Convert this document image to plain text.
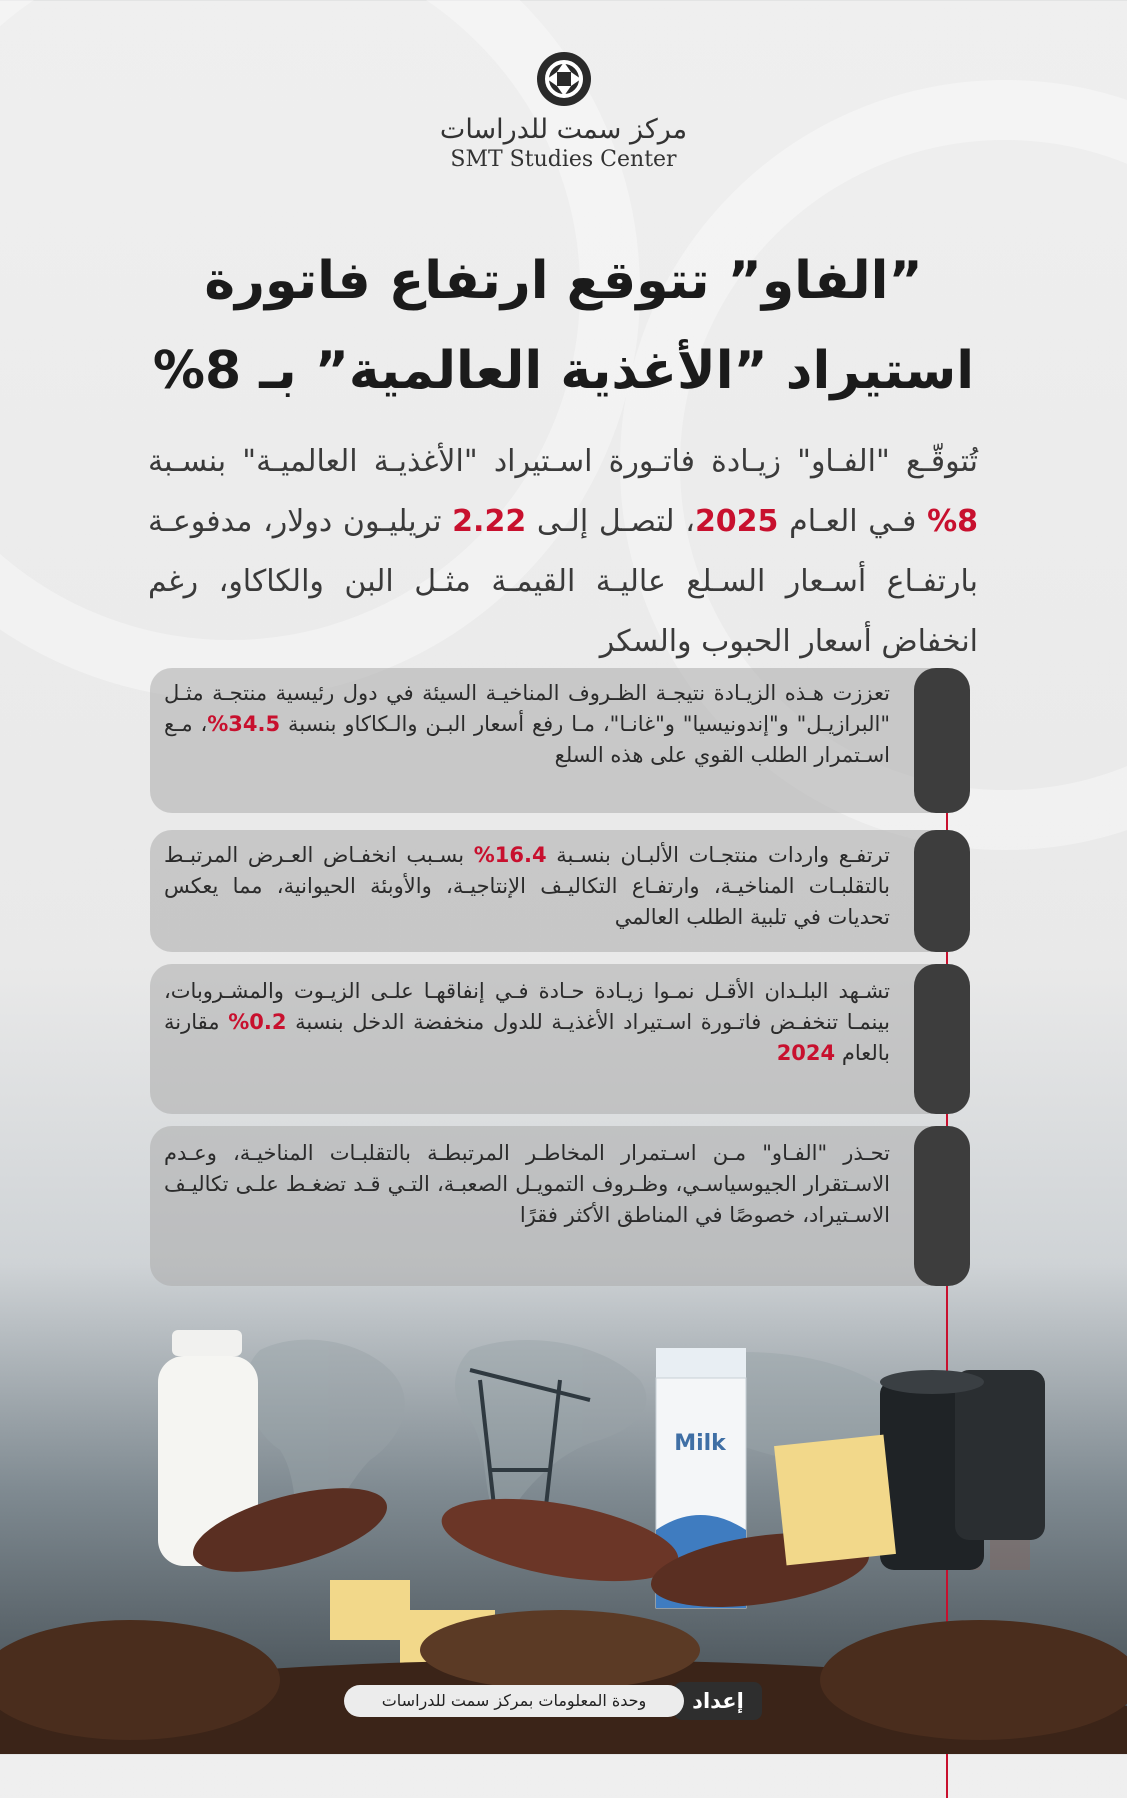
مركز سمت للدراسات
SMT Studies Center
”الفاو” تتوقع ارتفاع فاتورة
استيراد ”الأغذية العالمية” بـ 8%
تُتوقّـع "الفـاو" زيـادة فاتـورة اسـتيراد "الأغذيـة العالميـة" بنسـبة 8% فـي العـام 2025، لتصـل إلـى 2.22 تريليـون دولار، مدفوعـة بارتفـاع أسـعار السـلع عاليـة القيمـة مثـل البن والكاكاو، رغم انخفاض أسعار الحبوب والسكر
تعززت هـذه الزيـادة نتيجـة الظـروف المناخيـة السيئة في دول رئيسية منتجـة مثـل "البرازيـل" و"إندونيسيا" و"غانـا"، مـا رفع أسعار البـن والـكاكاو بنسبة 34.5%، مـع اسـتمرار الطلب القوي على هذه السلع
ترتفـع واردات منتجـات الألبـان بنسـبة 16.4% بسـبب انخفـاض العـرض المرتبـط بالتقلبـات المناخيـة، وارتفـاع التكاليـف الإنتاجيـة، والأوبئة الحيوانية، مما يعكس تحديات في تلبية الطلب العالمي
تشـهد البلـدان الأقـل نمـوا زيـادة حـادة فـي إنفاقهـا علـى الزيـوت والمشـروبات، بينمـا تنخفـض فاتـورة اسـتيراد الأغذيـة للدول منخفضة الدخل بنسبة 0.2% مقارنة بالعام 2024
تحـذر "الفـاو" مـن اسـتمرار المخاطـر المرتبطـة بالتقلبـات المناخيـة، وعـدم الاسـتقرار الجيوسياسـي، وظـروف التمويـل الصعبـة، التـي قـد تضغـط علـى تكاليـف الاسـتيراد، خصوصًا في المناطق الأكثر فقرًا
Milk
إعداد
وحدة المعلومات بمركز سمت للدراسات
